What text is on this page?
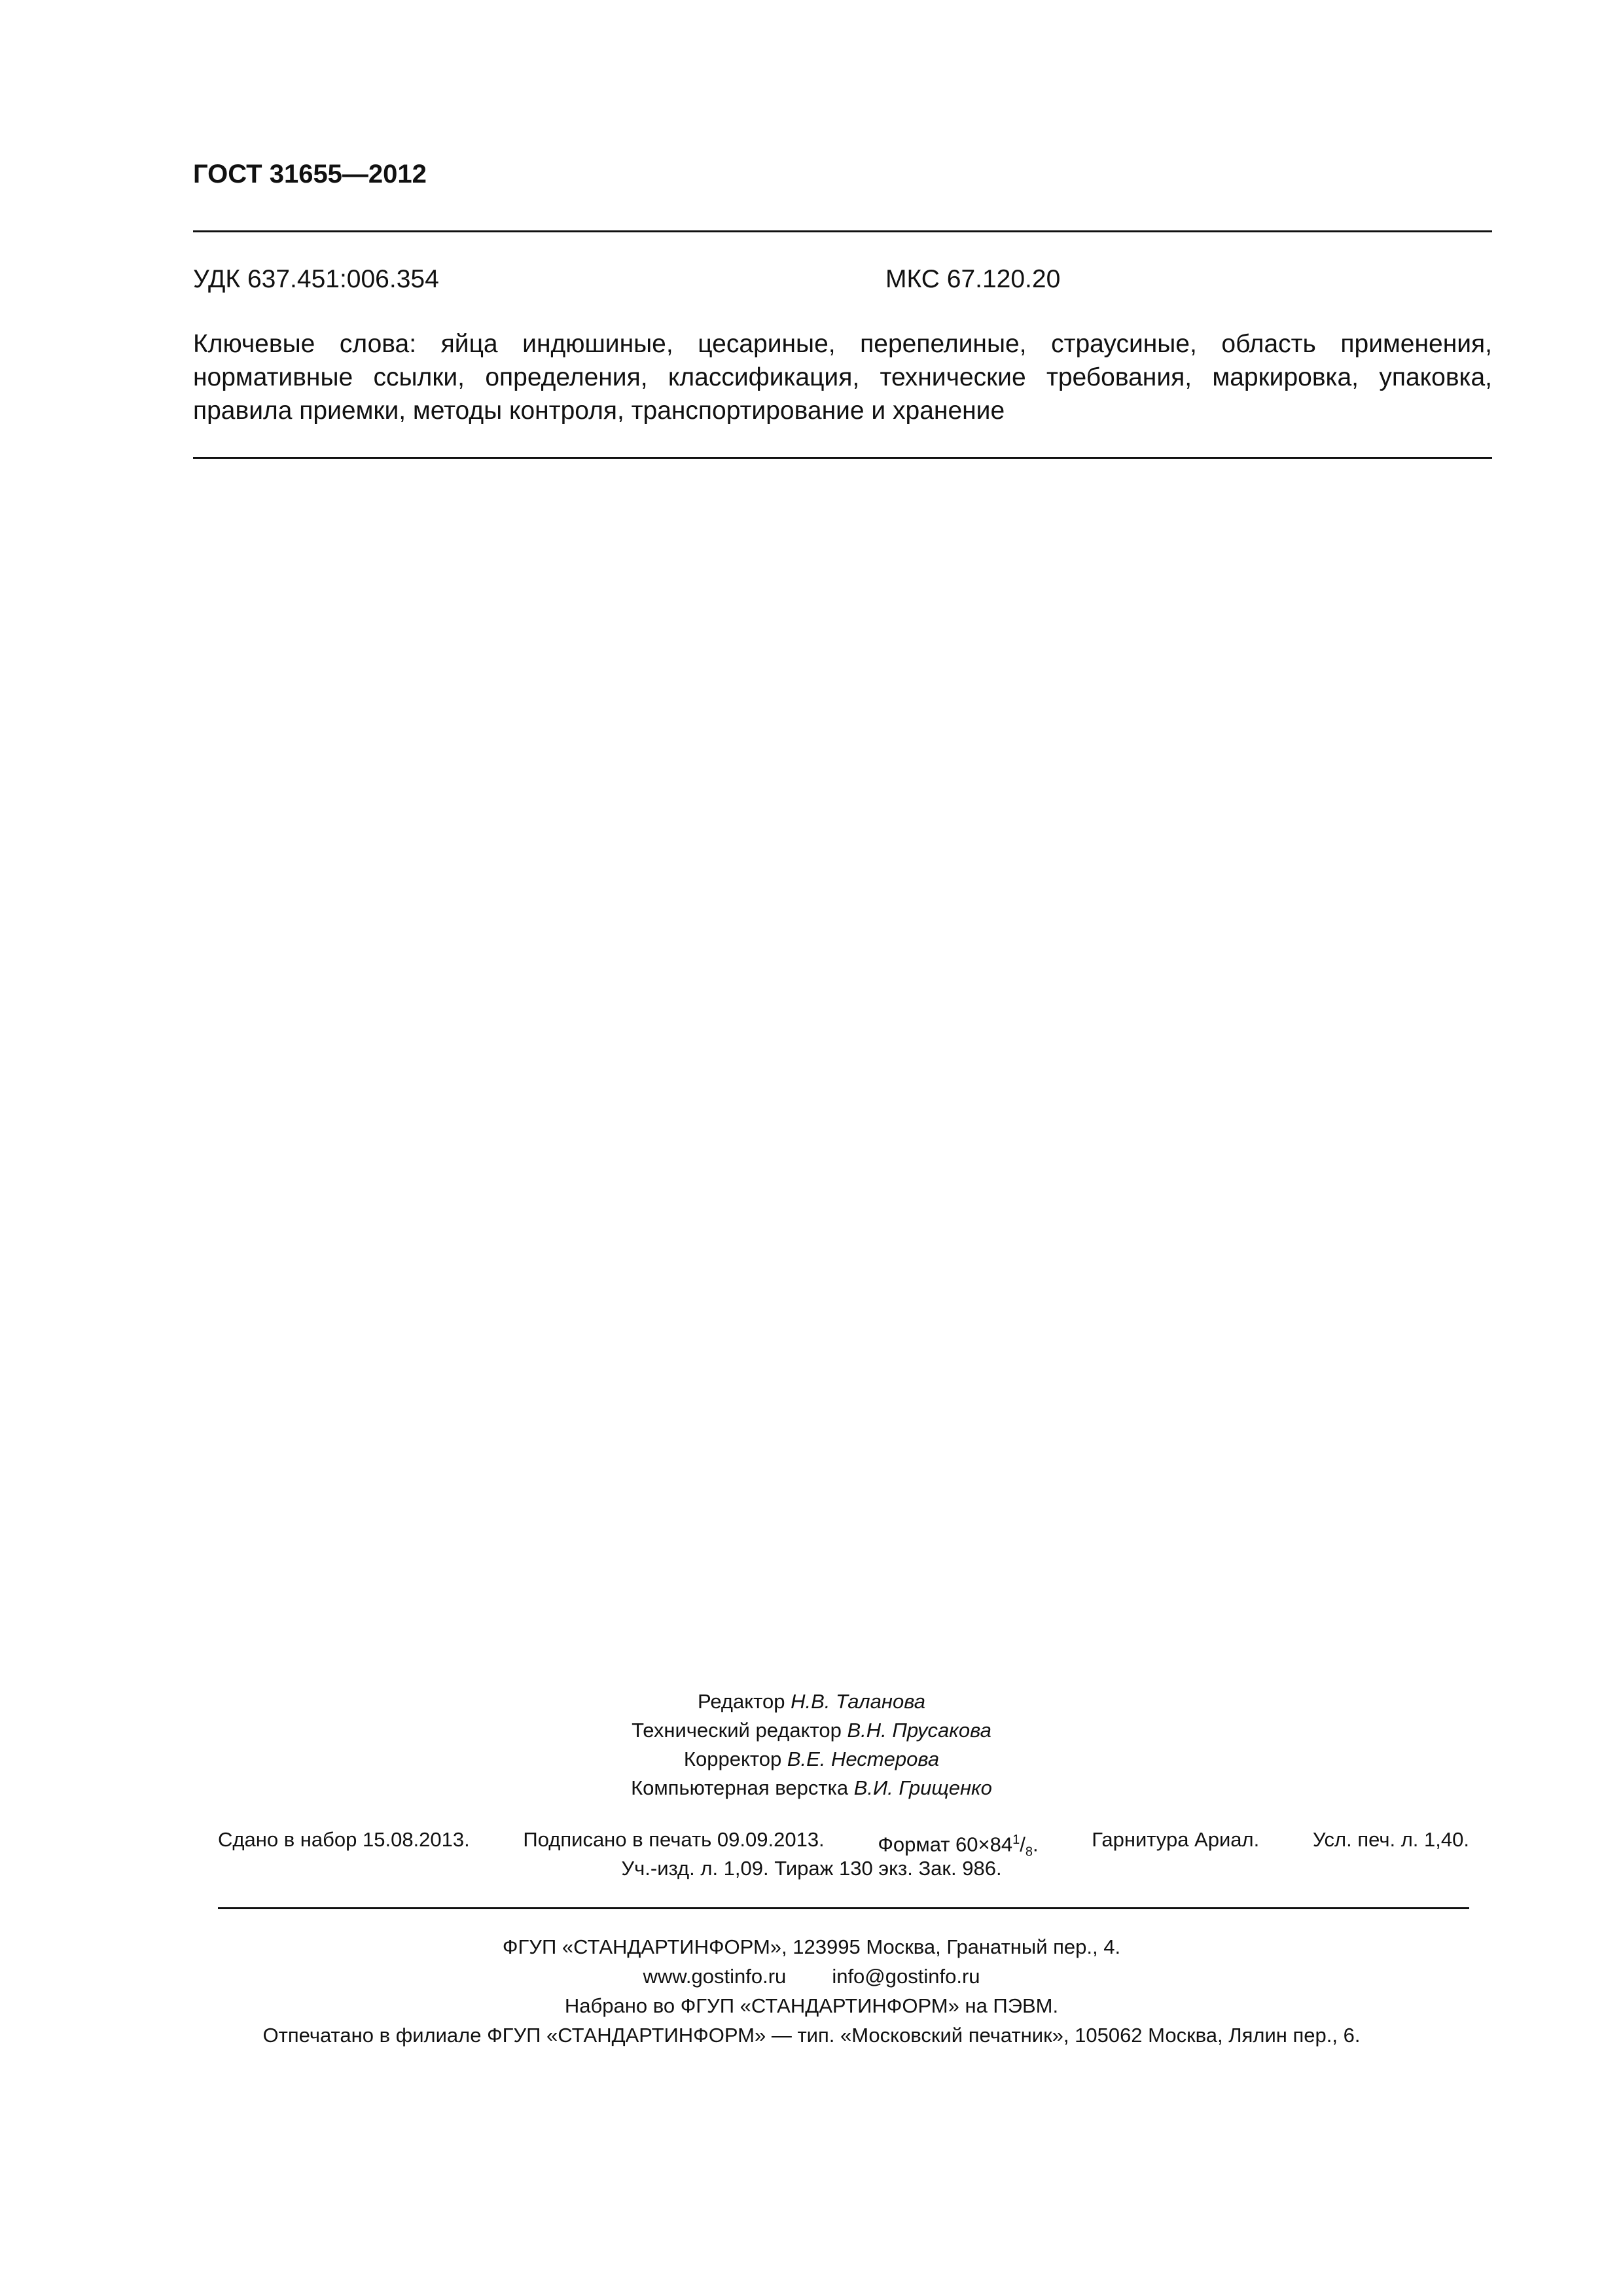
ГОСТ 31655—2012
УДК 637.451:006.354	МКС 67.120.20
Ключевые слова: яйца индюшиные, цесариные, перепелиные, страусиные, область применения, нормативные ссылки, определения, классификация, технические требования, маркировка, упаковка, правила приемки, методы контроля, транспортирование и хранение
Редактор Н.В. Таланова
Технический редактор В.Н. Прусакова
Корректор В.Е. Нестерова
Компьютерная верстка В.И. Грищенко
Сдано в набор 15.08.2013.	Подписано в печать 09.09.2013.	Формат $60\times 84^1/_8$.	Гарнитура Ариал.	Усл. печ. л. 1,40.
Уч.-изд. л. 1,09. Тираж 130 экз. Зак. 986.
ФГУП «СТАНДАРТИНФОРМ», 123995 Москва, Гранатный пер., 4.
www.gostinfo.ru info@gostinfo.ru
Набрано во ФГУП «СТАНДАРТИНФОРМ» на ПЭВМ.
Отпечатано в филиале ФГУП «СТАНДАРТИНФОРМ» — тип. «Московский печатник», 105062 Москва, Лялин пер., 6.
